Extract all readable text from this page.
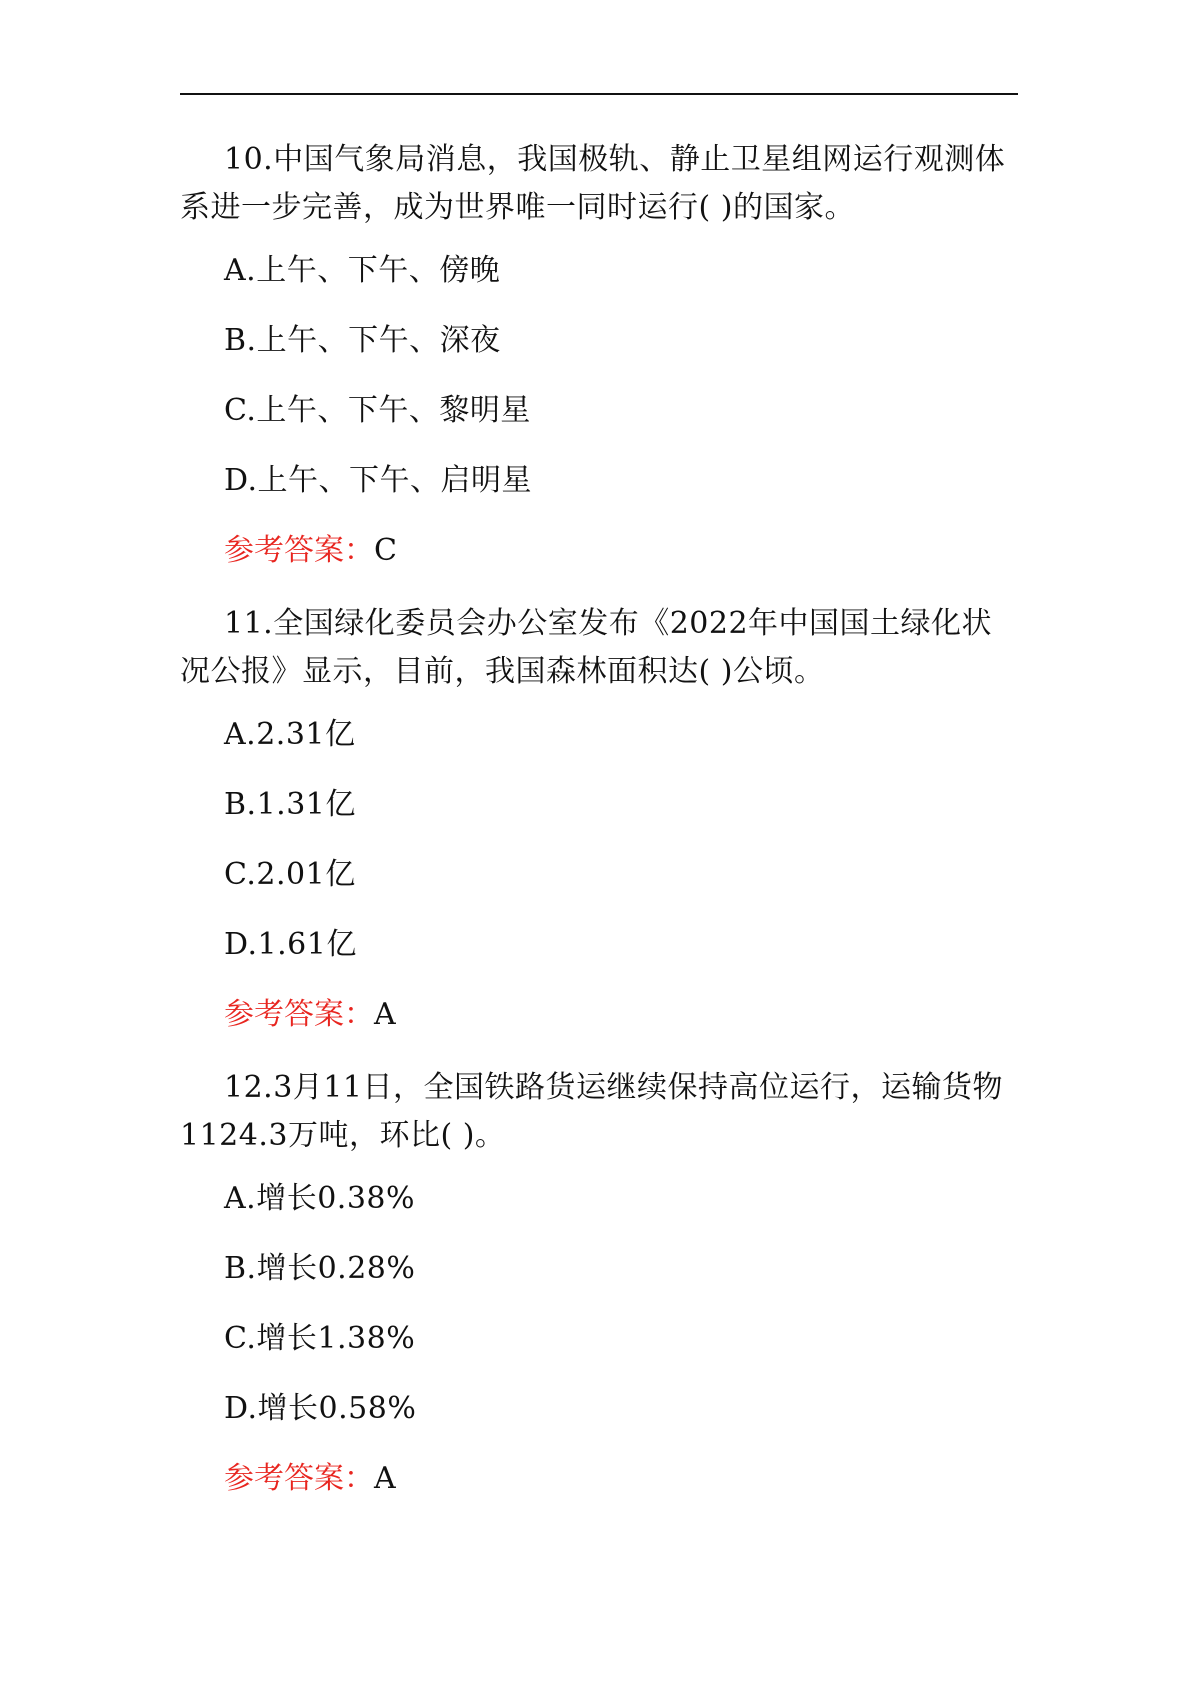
10.中国气象局消息，我国极轨、静止卫星组网运行观测体系进一步完善，成为世界唯一同时运行( )的国家。

A.上午、下午、傍晚

B.上午、下午、深夜

C.上午、下午、黎明星

D.上午、下午、启明星

参考答案：C

11.全国绿化委员会办公室发布《2022年中国国土绿化状况公报》显示，目前，我国森林面积达( )公顷。

A.2.31亿

B.1.31亿

C.2.01亿

D.1.61亿

参考答案：A

12.3月11日，全国铁路货运继续保持高位运行，运输货物1124.3万吨，环比( )。

A.增长0.38%

B.增长0.28%

C.增长1.38%

D.增长0.58%

参考答案：A
